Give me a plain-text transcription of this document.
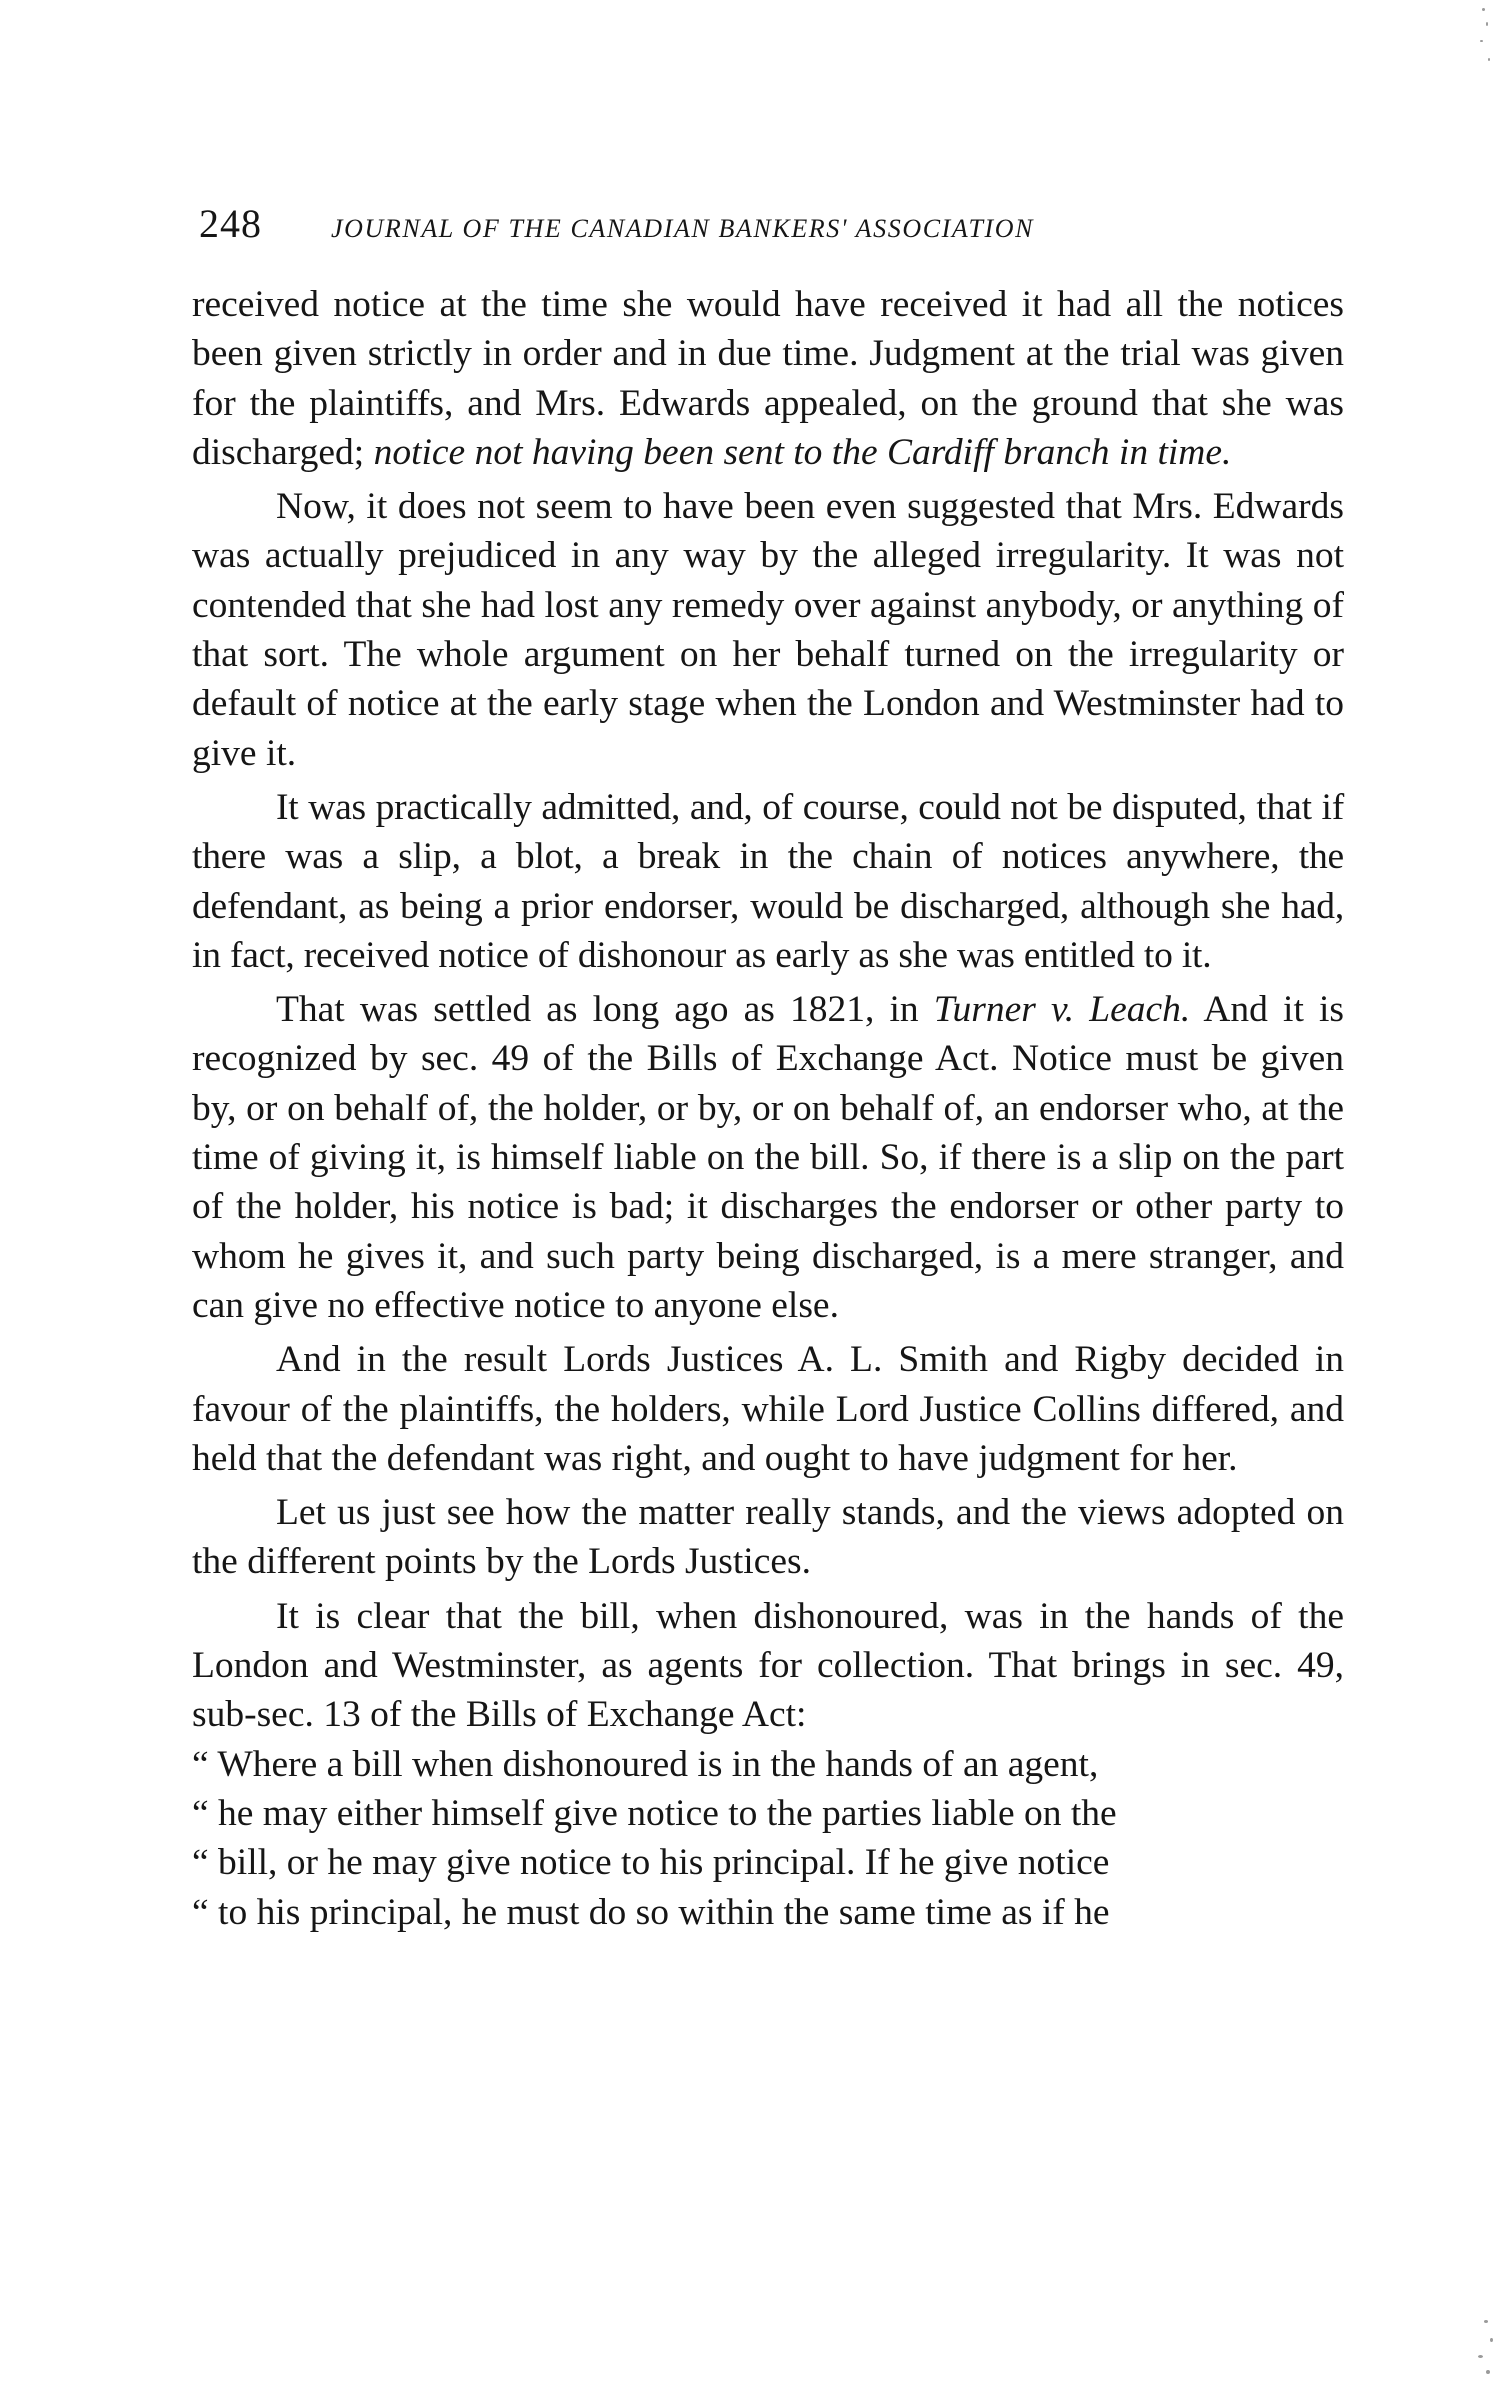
248	JOURNAL OF THE CANADIAN BANKERS' ASSOCIATION

received notice at the time she would have received it had all the notices been given strictly in order and in due time. Judgment at the trial was given for the plaintiffs, and Mrs. Edwards appealed, on the ground that she was discharged; notice not having been sent to the Cardiff branch in time.

Now, it does not seem to have been even suggested that Mrs. Edwards was actually prejudiced in any way by the alleged irregularity. It was not contended that she had lost any remedy over against anybody, or anything of that sort. The whole argument on her behalf turned on the irregularity or default of notice at the early stage when the London and Westminster had to give it.

It was practically admitted, and, of course, could not be disputed, that if there was a slip, a blot, a break in the chain of notices anywhere, the defendant, as being a prior endorser, would be discharged, although she had, in fact, received notice of dishonour as early as she was entitled to it.

That was settled as long ago as 1821, in Turner v. Leach. And it is recognized by sec. 49 of the Bills of Exchange Act. Notice must be given by, or on behalf of, the holder, or by, or on behalf of, an endorser who, at the time of giving it, is himself liable on the bill. So, if there is a slip on the part of the holder, his notice is bad; it discharges the endorser or other party to whom he gives it, and such party being discharged, is a mere stranger, and can give no effective notice to anyone else.

And in the result Lords Justices A. L. Smith and Rigby decided in favour of the plaintiffs, the holders, while Lord Justice Collins differed, and held that the defendant was right, and ought to have judgment for her.

Let us just see how the matter really stands, and the views adopted on the different points by the Lords Justices.

It is clear that the bill, when dishonoured, was in the hands of the London and Westminster, as agents for collection. That brings in sec. 49, sub-sec. 13 of the Bills of Exchange Act:

“ Where a bill when dishonoured is in the hands of an agent,
“ he may either himself give notice to the parties liable on the
“ bill, or he may give notice to his principal. If he give notice
“ to his principal, he must do so within the same time as if he
